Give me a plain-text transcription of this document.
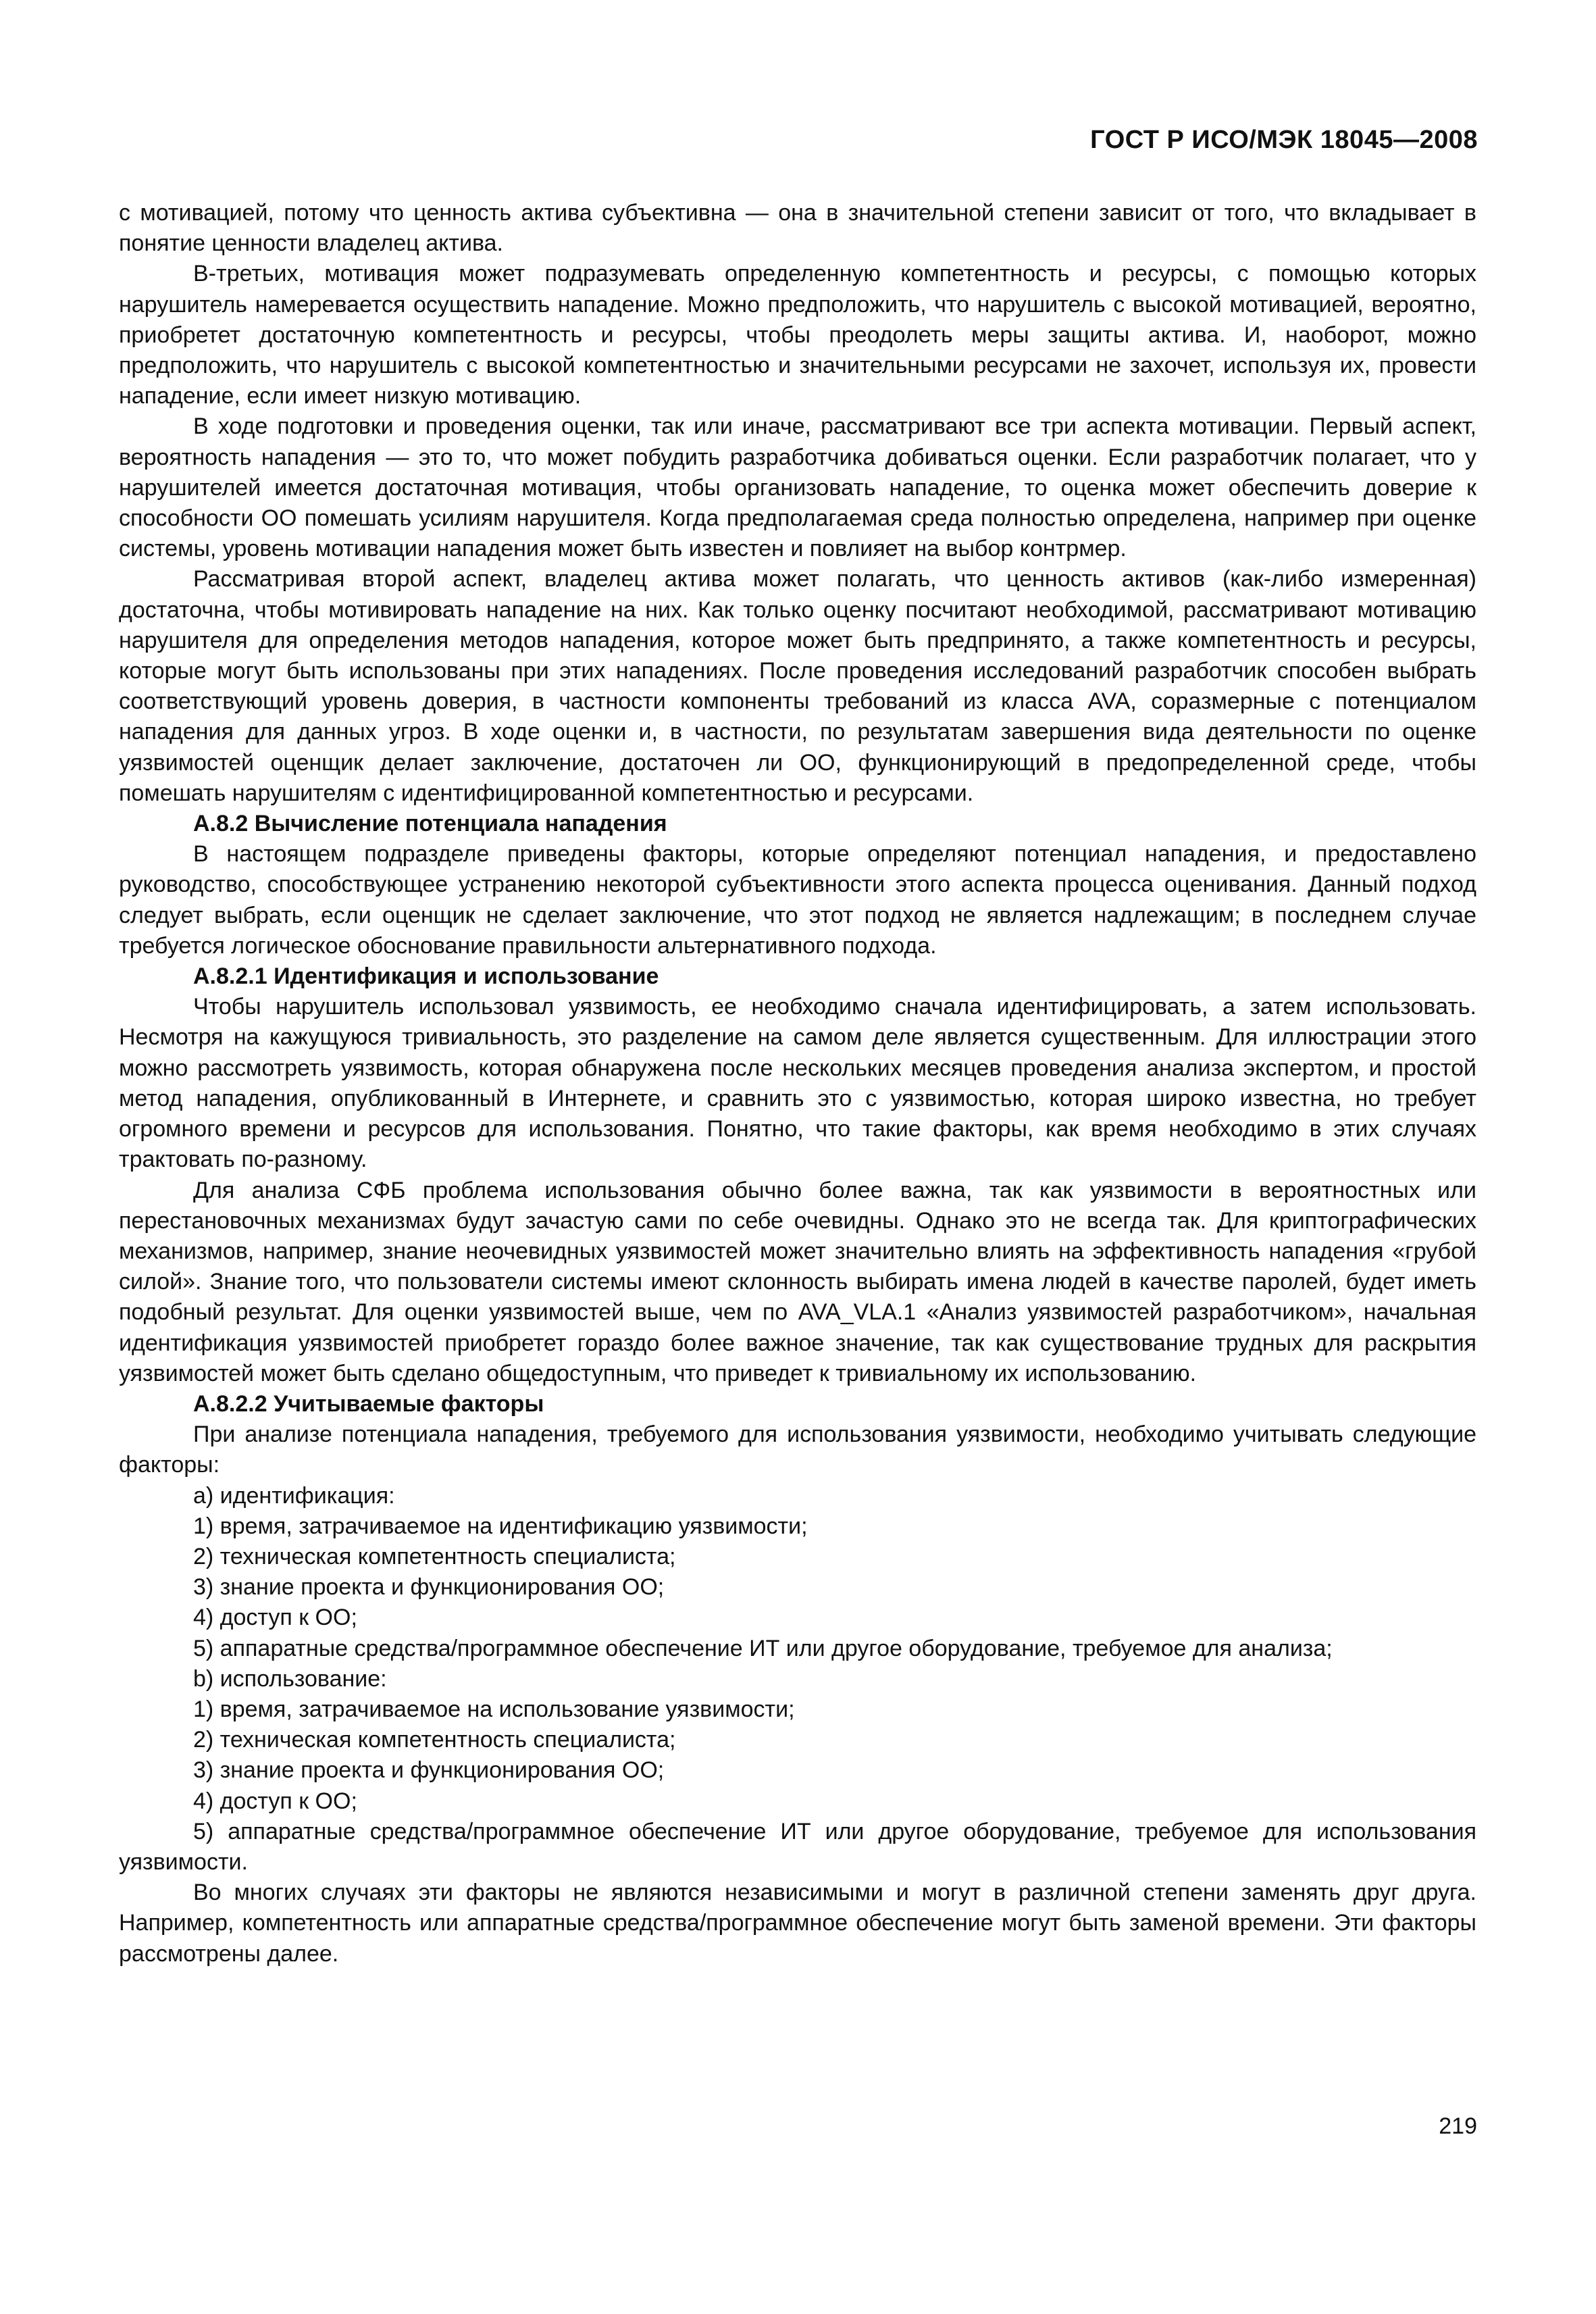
ГОСТ Р ИСО/МЭК 18045—2008

с мотивацией, потому что ценность актива субъективна — она в значительной степени зависит от того, что вкладывает в понятие ценности владелец актива.

В-третьих, мотивация может подразумевать определенную компетентность и ресурсы, с помощью которых нарушитель намеревается осуществить нападение. Можно предположить, что нарушитель с высокой мотивацией, вероятно, приобретет достаточную компетентность и ресурсы, чтобы преодолеть меры защиты актива. И, наоборот, можно предположить, что нарушитель с высокой компетентностью и значительными ресурсами не захочет, используя их, провести нападение, если имеет низкую мотивацию.

В ходе подготовки и проведения оценки, так или иначе, рассматривают все три аспекта мотивации. Первый аспект, вероятность нападения — это то, что может побудить разработчика добиваться оценки. Если разработчик полагает, что у нарушителей имеется достаточная мотивация, чтобы организовать нападение, то оценка может обеспечить доверие к способности ОО помешать усилиям нарушителя. Когда предполагаемая среда полностью определена, например при оценке системы, уровень мотивации нападения может быть известен и повлияет на выбор контрмер.

Рассматривая второй аспект, владелец актива может полагать, что ценность активов (как-либо измеренная) достаточна, чтобы мотивировать нападение на них. Как только оценку посчитают необходимой, рассматривают мотивацию нарушителя для определения методов нападения, которое может быть предпринято, а также компетентность и ресурсы, которые могут быть использованы при этих нападениях. После проведения исследований разработчик способен выбрать соответствующий уровень доверия, в частности компоненты требований из класса AVA, соразмерные с потенциалом нападения для данных угроз. В ходе оценки и, в частности, по результатам завершения вида деятельности по оценке уязвимостей оценщик делает заключение, достаточен ли ОО, функционирующий в предопределенной среде, чтобы помешать нарушителям с идентифицированной компетентностью и ресурсами.

А.8.2 Вычисление потенциала нападения

В настоящем подразделе приведены факторы, которые определяют потенциал нападения, и предоставлено руководство, способствующее устранению некоторой субъективности этого аспекта процесса оценивания. Данный подход следует выбрать, если оценщик не сделает заключение, что этот подход не является надлежащим; в последнем случае требуется логическое обоснование правильности альтернативного подхода.

А.8.2.1 Идентификация и использование

Чтобы нарушитель использовал уязвимость, ее необходимо сначала идентифицировать, а затем использовать. Несмотря на кажущуюся тривиальность, это разделение на самом деле является существенным. Для иллюстрации этого можно рассмотреть уязвимость, которая обнаружена после нескольких месяцев проведения анализа экспертом, и простой метод нападения, опубликованный в Интернете, и сравнить это с уязвимостью, которая широко известна, но требует огромного времени и ресурсов для использования. Понятно, что такие факторы, как время необходимо в этих случаях трактовать по-разному.

Для анализа СФБ проблема использования обычно более важна, так как уязвимости в вероятностных или перестановочных механизмах будут зачастую сами по себе очевидны. Однако это не всегда так. Для криптографических механизмов, например, знание неочевидных уязвимостей может значительно влиять на эффективность нападения «грубой силой». Знание того, что пользователи системы имеют склонность выбирать имена людей в качестве паролей, будет иметь подобный результат. Для оценки уязвимостей выше, чем по AVA_VLA.1 «Анализ уязвимостей разработчиком», начальная идентификация уязвимостей приобретет гораздо более важное значение, так как существование трудных для раскрытия уязвимостей может быть сделано общедоступным, что приведет к тривиальному их использованию.

А.8.2.2 Учитываемые факторы

При анализе потенциала нападения, требуемого для использования уязвимости, необходимо учитывать следующие факторы:

a) идентификация:

1) время, затрачиваемое на идентификацию уязвимости;

2) техническая компетентность специалиста;

3) знание проекта и функционирования ОО;

4) доступ к ОО;

5) аппаратные средства/программное обеспечение ИТ или другое оборудование, требуемое для анализа;

b) использование:

1) время, затрачиваемое на использование уязвимости;

2) техническая компетентность специалиста;

3) знание проекта и функционирования ОО;

4) доступ к ОО;

5) аппаратные средства/программное обеспечение ИТ или другое оборудование, требуемое для использования уязвимости.

Во многих случаях эти факторы не являются независимыми и могут в различной степени заменять друг друга. Например, компетентность или аппаратные средства/программное обеспечение могут быть заменой времени. Эти факторы рассмотрены далее.

219
